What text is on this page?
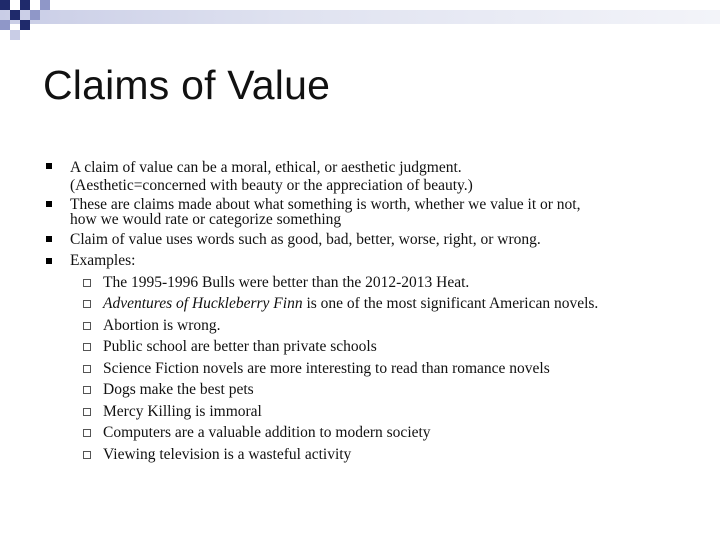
Claims of Value
A claim of value can be a moral, ethical, or aesthetic judgment.
(Aesthetic=concerned with beauty or the appreciation of beauty.)
These are claims made about what something is worth, whether we value it or not,
how we would rate or categorize something
Claim of value uses words such as good, bad, better, worse, right, or wrong.
Examples:
The 1995-1996 Bulls were better than the 2012-2013 Heat.
Adventures of Huckleberry Finn is one of the most significant American novels.
Abortion is wrong.
Public school are better than private schools
Science Fiction novels are more interesting to read than romance novels
Dogs make the best pets
Mercy Killing is immoral
Computers are a valuable addition to modern society
Viewing television is a wasteful activity
